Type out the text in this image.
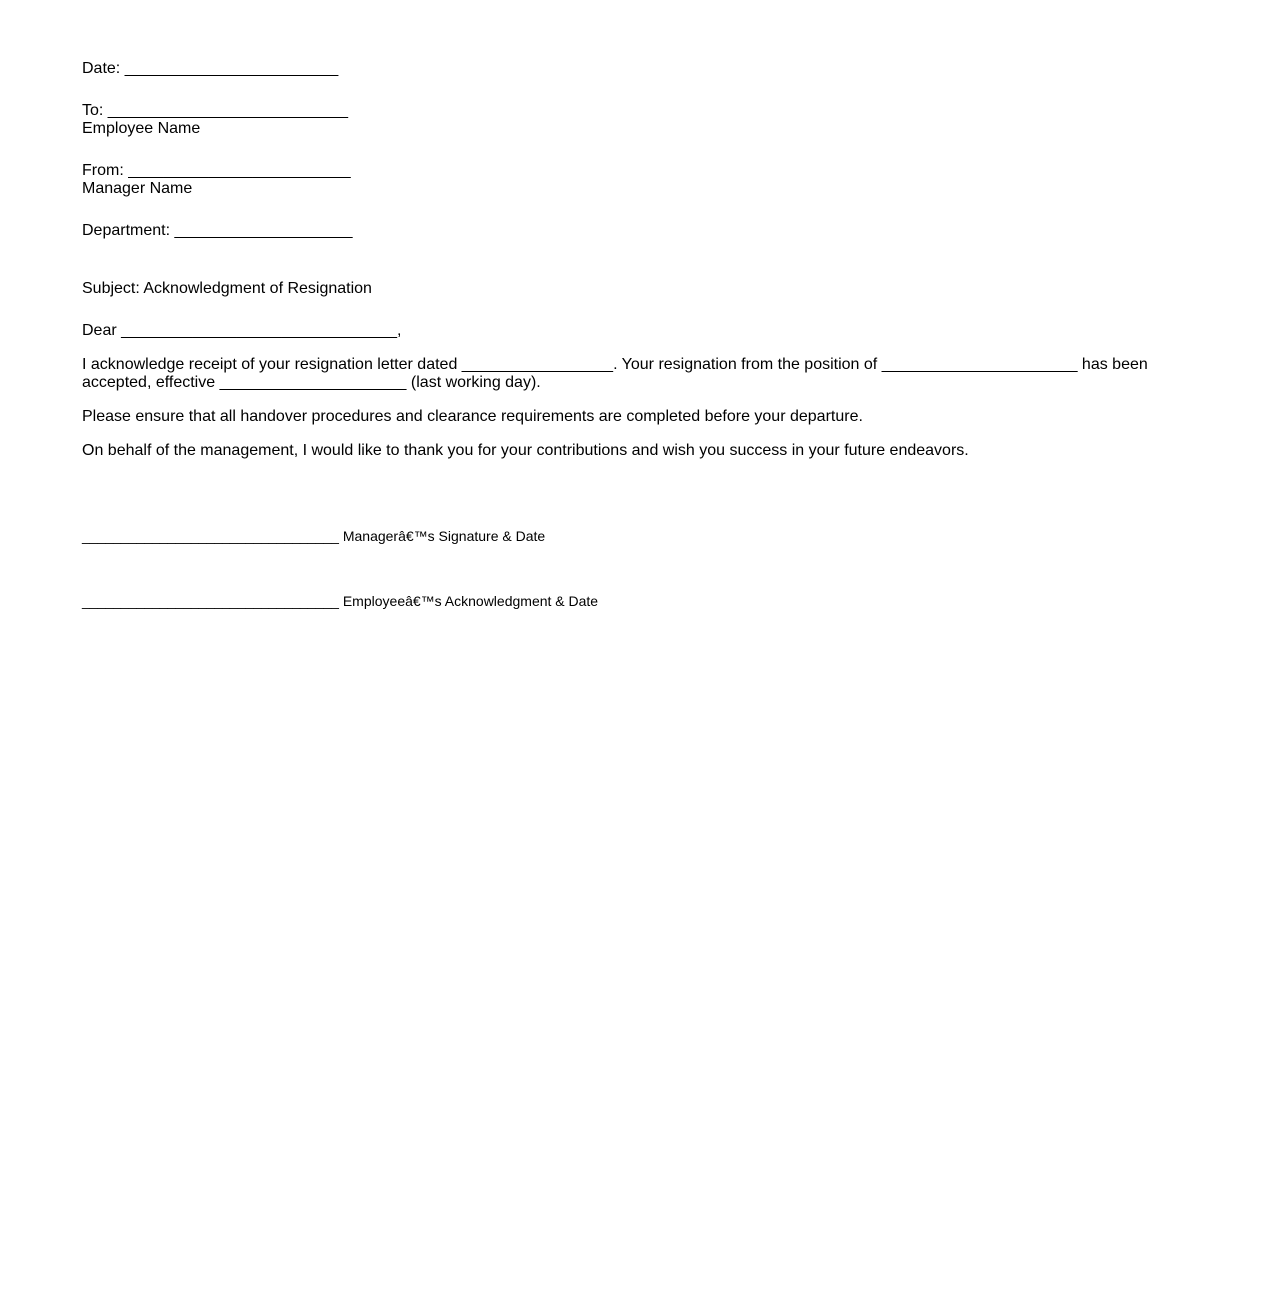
Date: ________________________
To: ___________________________
Employee Name
From: _________________________
Manager Name
Department: ____________________
Subject: Acknowledgment of Resignation
Dear _______________________________,
I acknowledge receipt of your resignation letter dated _________________. Your resignation from the position of ______________________ has been accepted, effective _____________________ (last working day).
Please ensure that all handover procedures and clearance requirements are completed before your departure.
On behalf of the management, I would like to thank you for your contributions and wish you success in your future endeavors.
_________________________________ Managerâ€™s Signature & Date
_________________________________ Employeeâ€™s Acknowledgment & Date
